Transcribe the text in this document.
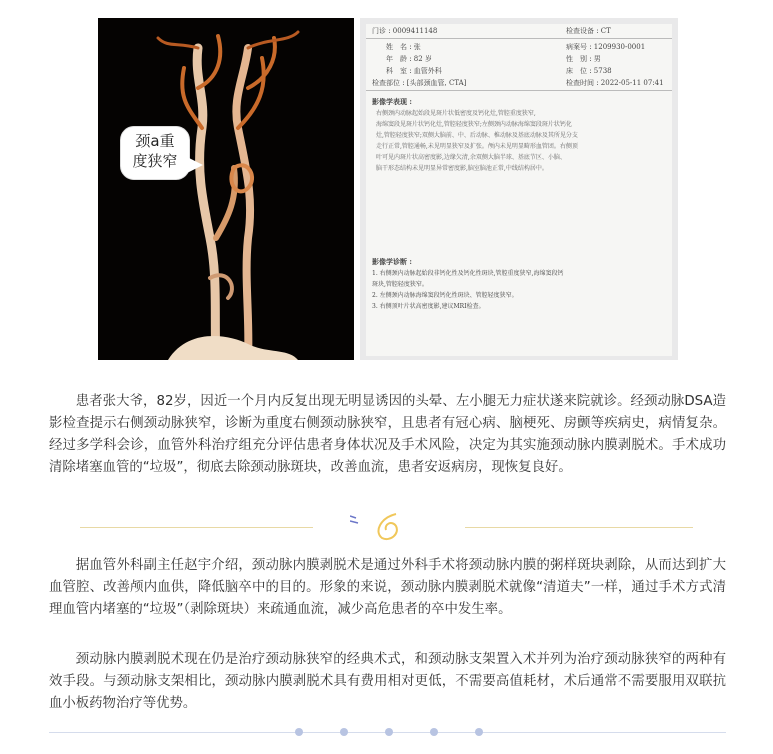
颈a重
度狭窄
门诊 : 0009411148	检查设备 : CT
姓　名 : 张	病案号 : 1209930-0001
年　龄 : 82 岁	性　别 : 男
科　室 : 血管外科	床　位 : 5738
检查部位 : [头部颈血管, CTA]	检查时间 : 2022-05-11 07:41
影像学表现 :
右侧颈内动脉起始段见斑片状低密度及钙化灶,管腔重度狭窄,
海绵窦段见斑片状钙化灶,管腔轻度狭窄;左侧颈内动脉海绵窦段斑片状钙化
灶,管腔轻度狭窄;双侧大脑前、中、后动脉、椎动脉及基底动脉及其所见分支
走行正常,管腔通畅,未见明显狭窄及扩张。颅内未见明显畸形血管团。右侧顶
叶可见内斑片状高密度影,边缘欠清,余双侧大脑半球、基底节区、小脑、
脑干形态结构未见明显异常密度影,脑室脑池正常,中线结构居中。
影像学诊断 :
1. 右侧颈内动脉起始段非钙化性及钙化性斑块,管腔重度狭窄,海绵窦段钙
斑块,管腔轻度狭窄。
2. 左侧颈内动脉海绵窦段钙化性斑块、管腔轻度狭窄。
3. 右侧顶叶片状高密度影,建议MRI检查。

患者张大爷，82岁，因近一个月内反复出现无明显诱因的头晕、左小腿无力症状遂来院就诊。经颈动脉DSA造影检查提示右侧颈动脉狭窄，诊断为重度右侧颈动脉狭窄，且患者有冠心病、脑梗死、房颤等疾病史，病情复杂。经过多学科会诊，血管外科治疗组充分评估患者身体状况及手术风险，决定为其实施颈动脉内膜剥脱术。手术成功清除堵塞血管的“垃圾”，彻底去除颈动脉斑块，改善血流，患者安返病房，现恢复良好。

据血管外科副主任赵宇介绍，颈动脉内膜剥脱术是通过外科手术将颈动脉内膜的粥样斑块剥除，从而达到扩大血管腔、改善颅内血供，降低脑卒中的目的。形象的来说，颈动脉内膜剥脱术就像“清道夫”一样，通过手术方式清理血管内堵塞的“垃圾”（剥除斑块）来疏通血流，减少高危患者的卒中发生率。

颈动脉内膜剥脱术现在仍是治疗颈动脉狭窄的经典术式，和颈动脉支架置入术并列为治疗颈动脉狭窄的两种有效手段。与颈动脉支架相比，颈动脉内膜剥脱术具有费用相对更低，不需要高值耗材，术后通常不需要服用双联抗血小板药物治疗等优势。
